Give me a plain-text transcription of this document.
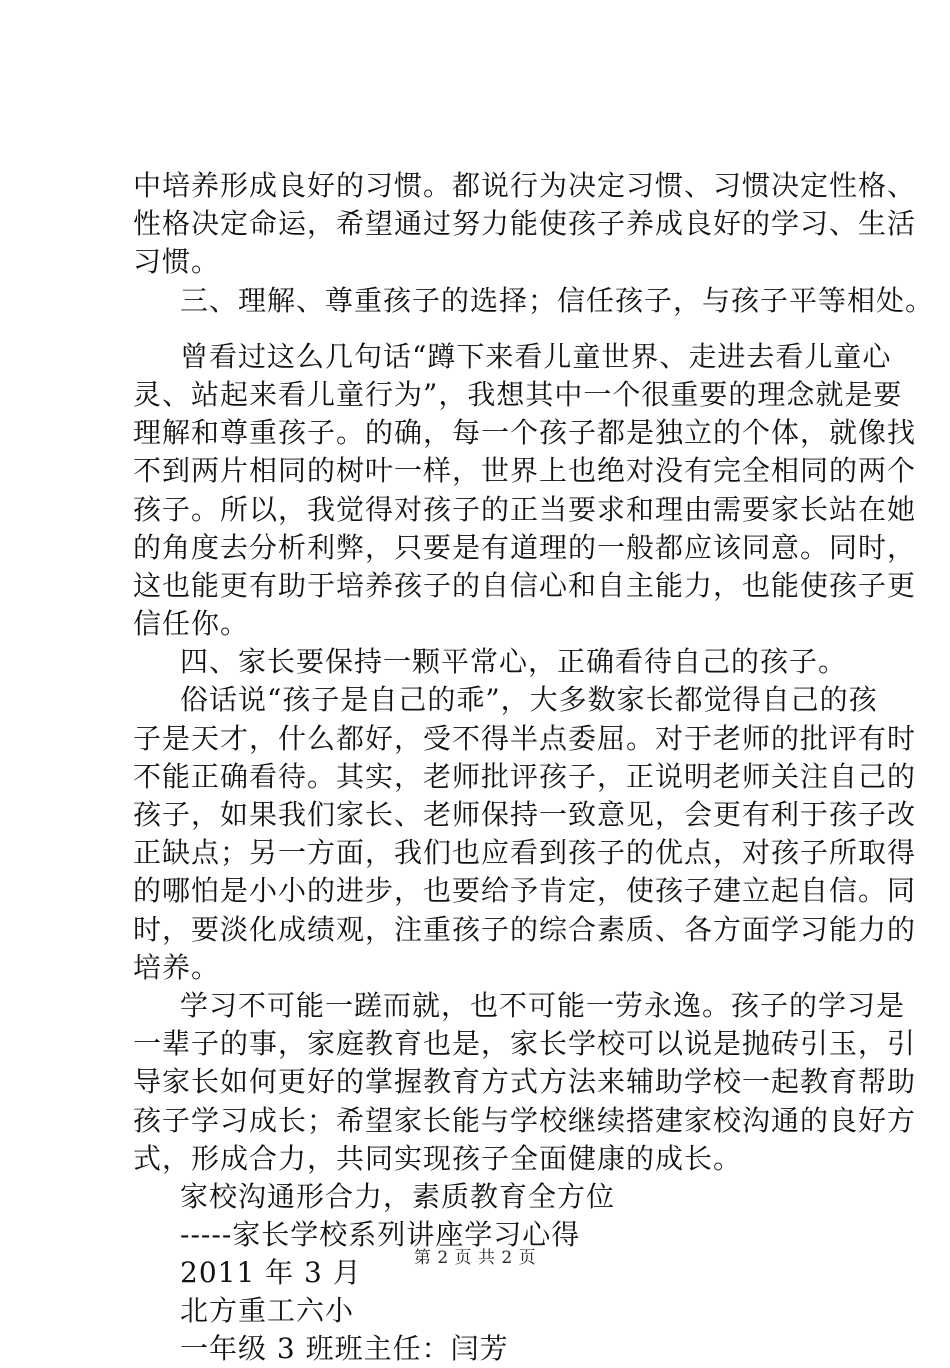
中培养形成良好的习惯。都说行为决定习惯、习惯决定性格、
性格决定命运，希望通过努力能使孩子养成良好的学习、生活
习惯。
三、理解、尊重孩子的选择；信任孩子，与孩子平等相处。
曾看过这么几句话“蹲下来看儿童世界、走进去看儿童心
灵、站起来看儿童行为”，我想其中一个很重要的理念就是要
理解和尊重孩子。的确，每一个孩子都是独立的个体，就像找
不到两片相同的树叶一样，世界上也绝对没有完全相同的两个
孩子。所以，我觉得对孩子的正当要求和理由需要家长站在她
的角度去分析利弊，只要是有道理的一般都应该同意。同时，
这也能更有助于培养孩子的自信心和自主能力，也能使孩子更
信任你。
四、家长要保持一颗平常心，正确看待自己的孩子。
俗话说“孩子是自己的乖”，大多数家长都觉得自己的孩
子是天才，什么都好，受不得半点委屈。对于老师的批评有时
不能正确看待。其实，老师批评孩子，正说明老师关注自己的
孩子，如果我们家长、老师保持一致意见，会更有利于孩子改
正缺点；另一方面，我们也应看到孩子的优点，对孩子所取得
的哪怕是小小的进步，也要给予肯定，使孩子建立起自信。同
时，要淡化成绩观，注重孩子的综合素质、各方面学习能力的
培养。
学习不可能一蹉而就，也不可能一劳永逸。孩子的学习是
一辈子的事，家庭教育也是，家长学校可以说是抛砖引玉，引
导家长如何更好的掌握教育方式方法来辅助学校一起教育帮助
孩子学习成长；希望家长能与学校继续搭建家校沟通的良好方
式，形成合力，共同实现孩子全面健康的成长。
家校沟通形合力，素质教育全方位
-----家长学校系列讲座学习心得
2011 年 3 月
北方重工六小
一年级 3 班班主任：闫芳
第 2 页 共 2 页
